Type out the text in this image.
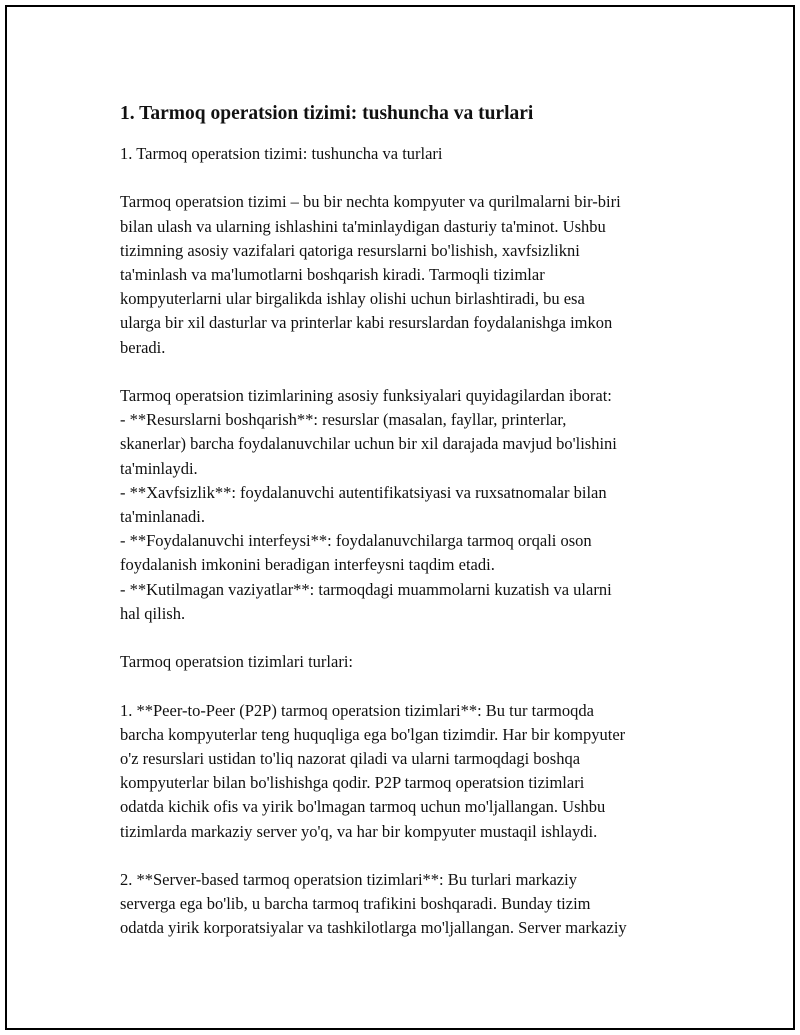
1. Tarmoq operatsion tizimi: tushuncha va turlari

1. Tarmoq operatsion tizimi: tushuncha va turlari

Tarmoq operatsion tizimi – bu bir nechta kompyuter va qurilmalarni bir-biri
bilan ulash va ularning ishlashini ta'minlaydigan dasturiy ta'minot. Ushbu
tizimning asosiy vazifalari qatoriga resurslarni bo'lishish, xavfsizlikni
ta'minlash va ma'lumotlarni boshqarish kiradi. Tarmoqli tizimlar
kompyuterlarni ular birgalikda ishlay olishi uchun birlashtiradi, bu esa
ularga bir xil dasturlar va printerlar kabi resurslardan foydalanishga imkon
beradi.

Tarmoq operatsion tizimlarining asosiy funksiyalari quyidagilardan iborat:
- **Resurslarni boshqarish**: resurslar (masalan, fayllar, printerlar,
skanerlar) barcha foydalanuvchilar uchun bir xil darajada mavjud bo'lishini
ta'minlaydi.
- **Xavfsizlik**: foydalanuvchi autentifikatsiyasi va ruxsatnomalar bilan
ta'minlanadi.
- **Foydalanuvchi interfeysi**: foydalanuvchilarga tarmoq orqali oson
foydalanish imkonini beradigan interfeysni taqdim etadi.
- **Kutilmagan vaziyatlar**: tarmoqdagi muammolarni kuzatish va ularni
hal qilish.

Tarmoq operatsion tizimlari turlari:

1. **Peer-to-Peer (P2P) tarmoq operatsion tizimlari**: Bu tur tarmoqda
barcha kompyuterlar teng huquqliga ega bo'lgan tizimdir. Har bir kompyuter
o'z resurslari ustidan to'liq nazorat qiladi va ularni tarmoqdagi boshqa
kompyuterlar bilan bo'lishishga qodir. P2P tarmoq operatsion tizimlari
odatda kichik ofis va yirik bo'lmagan tarmoq uchun mo'ljallangan. Ushbu
tizimlarda markaziy server yo'q, va har bir kompyuter mustaqil ishlaydi.

2. **Server-based tarmoq operatsion tizimlari**: Bu turlari markaziy
serverga ega bo'lib, u barcha tarmoq trafikini boshqaradi. Bunday tizim
odatda yirik korporatsiyalar va tashkilotlarga mo'ljallangan. Server markaziy
